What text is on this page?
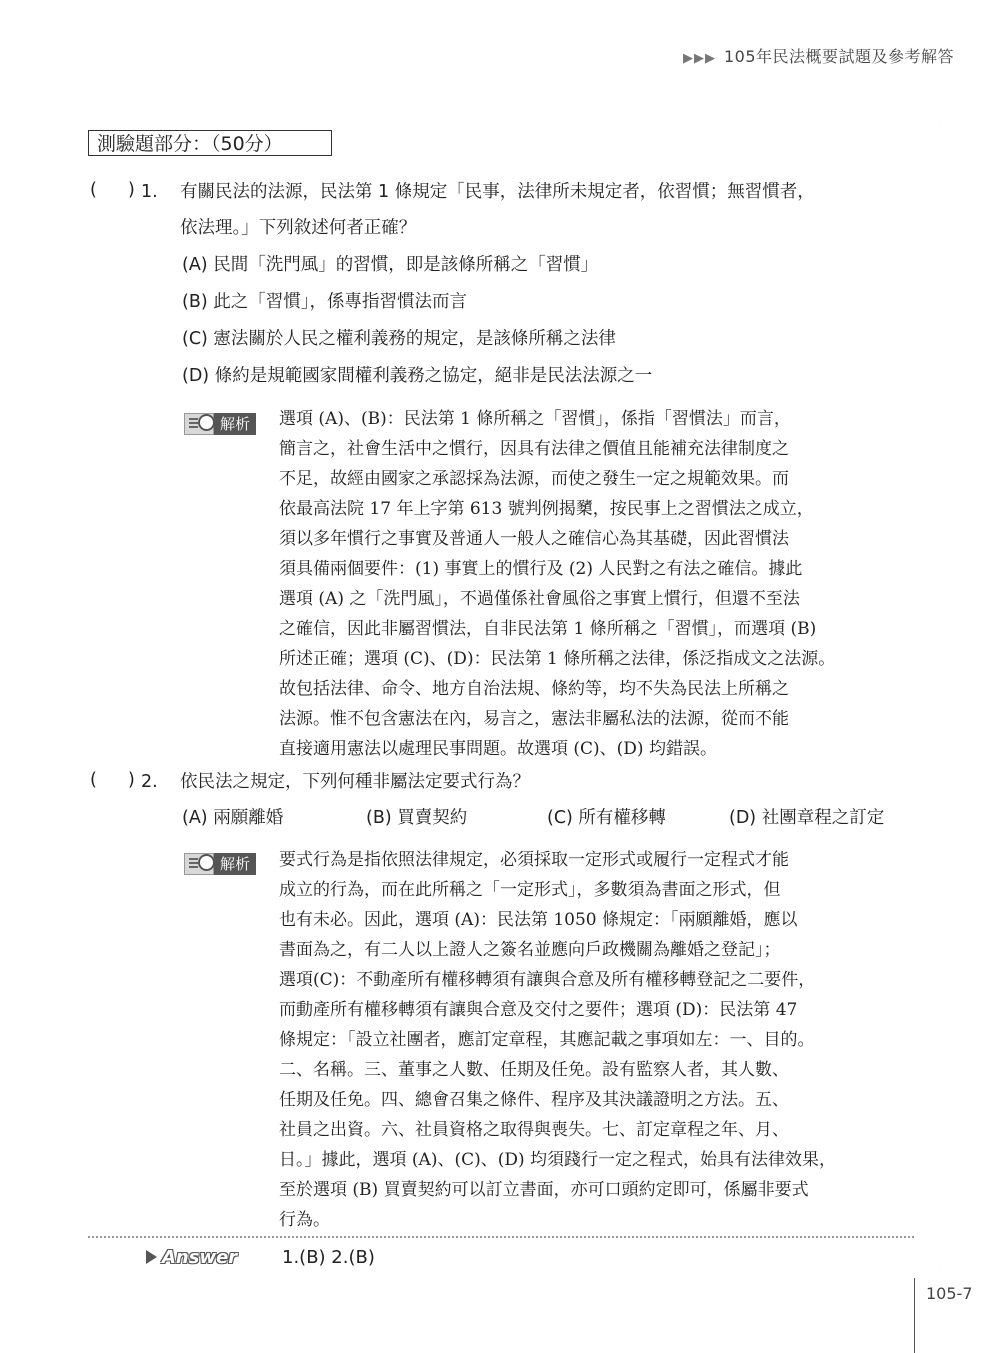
▶▶▶ 105年民法概要試題及參考解答
測驗題部分：（50分）
( ) 1. 有關民法的法源，民法第 1 條規定「民事，法律所未規定者，依習慣；無習慣者，
依法理。」下列敘述何者正確？
(A) 民間「洗門風」的習慣，即是該條所稱之「習慣」
(B) 此之「習慣」，係專指習慣法而言
(C) 憲法關於人民之權利義務的規定，是該條所稱之法律
(D) 條約是規範國家間權利義務之協定，絕非是民法法源之一
解析	選項 (A)、(B)：民法第 1 條所稱之「習慣」，係指「習慣法」而言，

簡言之，社會生活中之慣行，因具有法律之價值且能補充法律制度之

不足，故經由國家之承認採為法源，而使之發生一定之規範效果。而

依最高法院 17 年上字第 613 號判例揭櫫，按民事上之習慣法之成立，

須以多年慣行之事實及普通人一般人之確信心為其基礎，因此習慣法

須具備兩個要件：(1) 事實上的慣行及 (2) 人民對之有法之確信。據此

選項 (A) 之「洗門風」，不過僅係社會風俗之事實上慣行，但還不至法

之確信，因此非屬習慣法，自非民法第 1 條所稱之「習慣」，而選項 (B)

所述正確；選項 (C)、(D)：民法第 1 條所稱之法律，係泛指成文之法源。

故包括法律、命令、地方自治法規、條約等，均不失為民法上所稱之

法源。惟不包含憲法在內，易言之，憲法非屬私法的法源，從而不能

直接適用憲法以處理民事問題。故選項 (C)、(D) 均錯誤。

( ) 2. 依民法之規定，下列何種非屬法定要式行為？
(A) 兩願離婚	(B) 買賣契約	(C) 所有權移轉	(D) 社團章程之訂定
解析	要式行為是指依照法律規定，必須採取一定形式或履行一定程式才能

成立的行為，而在此所稱之「一定形式」，多數須為書面之形式，但

也有未必。因此，選項 (A)：民法第 1050 條規定：「兩願離婚，應以

書面為之，有二人以上證人之簽名並應向戶政機關為離婚之登記」；

選項(C)：不動產所有權移轉須有讓與合意及所有權移轉登記之二要件，

而動產所有權移轉須有讓與合意及交付之要件；選項 (D)：民法第 47

條規定：「設立社團者，應訂定章程，其應記載之事項如左：一、目的。

二、名稱。三、董事之人數、任期及任免。設有監察人者，其人數、

任期及任免。四、總會召集之條件、程序及其決議證明之方法。五、

社員之出資。六、社員資格之取得與喪失。七、訂定章程之年、月、

日。」據此，選項 (A)、(C)、(D) 均須踐行一定之程式，始具有法律效果，

至於選項 (B) 買賣契約可以訂立書面，亦可口頭約定即可，係屬非要式

行為。

Answer 1.(B) 2.(B)
105-7
